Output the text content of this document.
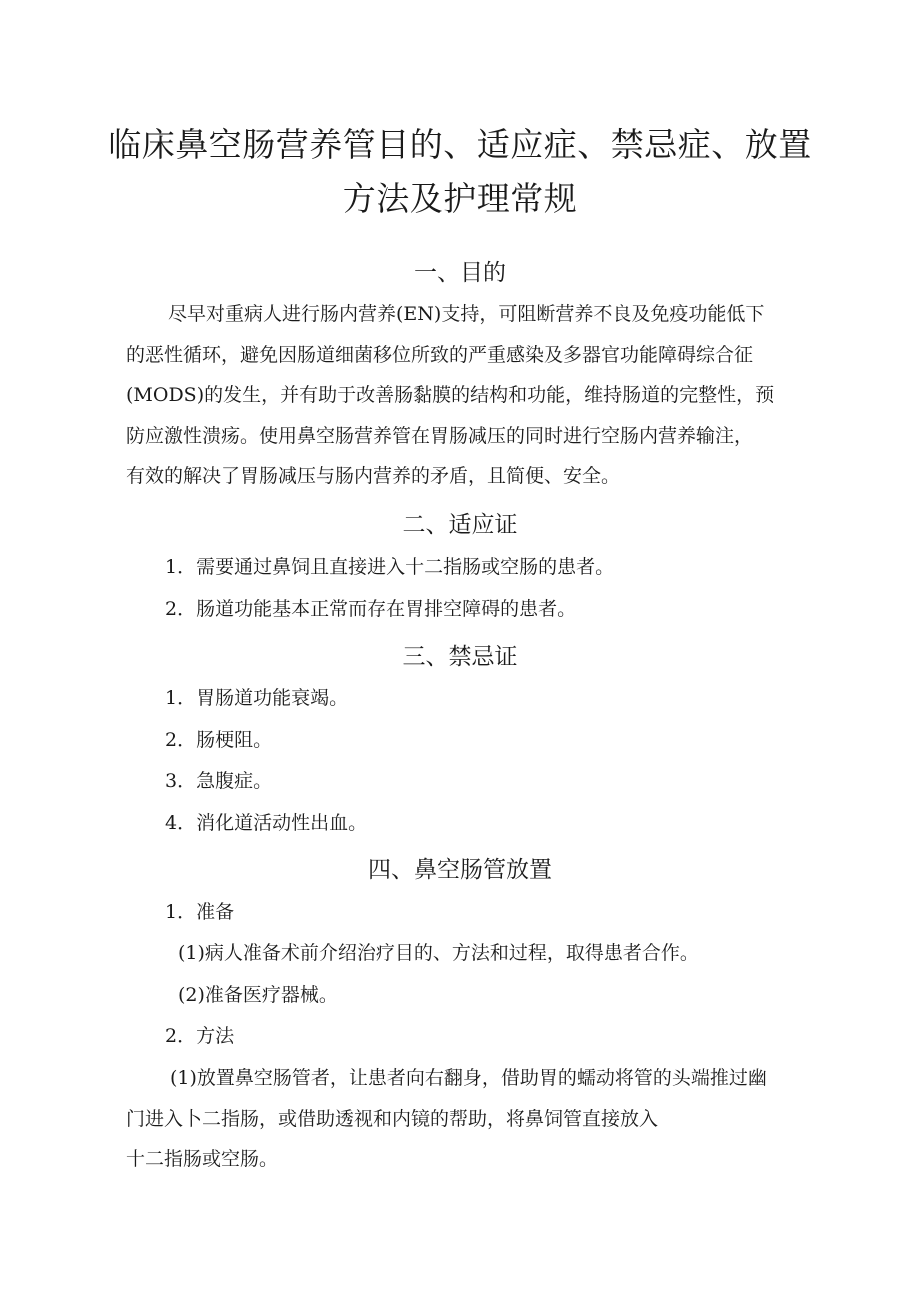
临床鼻空肠营养管目的、适应症、禁忌症、放置方法及护理常规
一、目的
尽早对重病人进行肠内营养(EN)支持，可阻断营养不良及免疫功能低下
的恶性循环，避免因肠道细菌移位所致的严重感染及多器官功能障碍综合征
(MODS)的发生，并有助于改善肠黏膜的结构和功能，维持肠道的完整性，预
防应激性溃疡。使用鼻空肠营养管在胃肠减压的同时进行空肠内营养输注，
有效的解决了胃肠减压与肠内营养的矛盾，且简便、安全。
二、适应证

1．需要通过鼻饲且直接进入十二指肠或空肠的患者。

2．肠道功能基本正常而存在胃排空障碍的患者。

三、禁忌证

1．胃肠道功能衰竭。

2．肠梗阻。

3．急腹症。

4．消化道活动性出血。

四、鼻空肠管放置

1．准备

(1)病人准备术前介绍治疗目的、方法和过程，取得患者合作。

(2)准备医疗器械。

2．方法

(1)放置鼻空肠管者，让患者向右翻身，借助胃的蠕动将管的头端推过幽
门进入卜二指肠，或借助透视和内镜的帮助，将鼻饲管直接放入
十二指肠或空肠。
